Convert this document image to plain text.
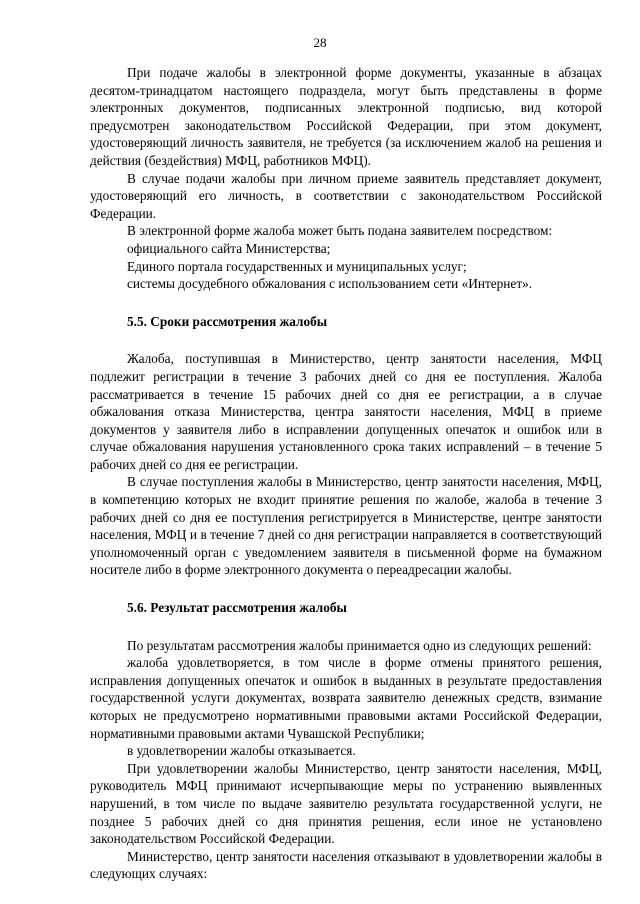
28

При подаче жалобы в электронной форме документы, указанные в абзацах десятом-тринадцатом настоящего подраздела, могут быть представлены в форме электронных документов, подписанных электронной подписью, вид которой предусмотрен законодательством Российской Федерации, при этом документ, удостоверяющий личность заявителя, не требуется (за исключением жалоб на решения и действия (бездействия) МФЦ, работников МФЦ).

В случае подачи жалобы при личном приеме заявитель представляет документ, удостоверяющий его личность, в соответствии с законодательством Российской Федерации.

В электронной форме жалоба может быть подана заявителем посредством:

официального сайта Министерства;

Единого портала государственных и муниципальных услуг;

системы досудебного обжалования с использованием сети «Интернет».

5.5. Сроки рассмотрения жалобы

Жалоба, поступившая в Министерство, центр занятости населения, МФЦ подлежит регистрации в течение 3 рабочих дней со дня ее поступления. Жалоба рассматривается в течение 15 рабочих дней со дня ее регистрации, а в случае обжалования отказа Министерства, центра занятости населения, МФЦ в приеме документов у заявителя либо в исправлении допущенных опечаток и ошибок или в случае обжалования нарушения установленного срока таких исправлений – в течение 5 рабочих дней со дня ее регистрации.

В случае поступления жалобы в Министерство, центр занятости населения, МФЦ, в компетенцию которых не входит принятие решения по жалобе, жалоба в течение 3 рабочих дней со дня ее поступления регистрируется в Министерстве, центре занятости населения, МФЦ и в течение 7 дней со дня регистрации направляется в соответствующий уполномоченный орган с уведомлением заявителя в письменной форме на бумажном носителе либо в форме электронного документа о переадресации жалобы.

5.6. Результат рассмотрения жалобы

По результатам рассмотрения жалобы принимается одно из следующих решений:

жалоба удовлетворяется, в том числе в форме отмены принятого решения, исправления допущенных опечаток и ошибок в выданных в результате предоставления государственной услуги документах, возврата заявителю денежных средств, взимание которых не предусмотрено нормативными правовыми актами Российской Федерации, нормативными правовыми актами Чувашской Республики;

в удовлетворении жалобы отказывается.

При удовлетворении жалобы Министерство, центр занятости населения, МФЦ, руководитель МФЦ принимают исчерпывающие меры по устранению выявленных нарушений, в том числе по выдаче заявителю результата государственной услуги, не позднее 5 рабочих дней со дня принятия решения, если иное не установлено законодательством Российской Федерации.

Министерство, центр занятости населения отказывают в удовлетворении жалобы в следующих случаях:
